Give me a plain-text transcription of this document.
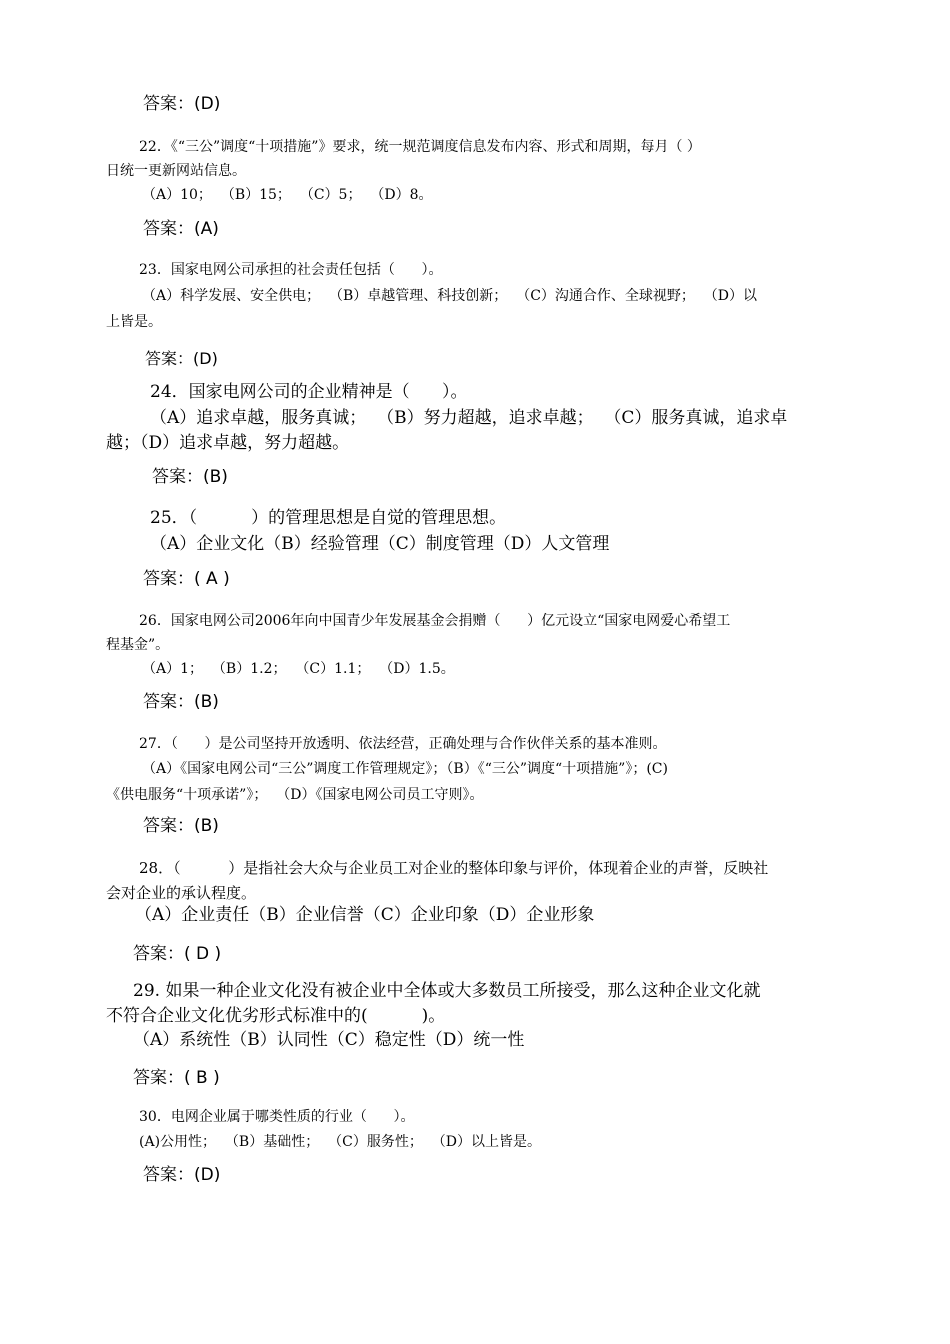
答案：(D)
22．《“三公”调度“十项措施”》要求，统一规范调度信息发布内容、形式和周期，每月（ ）
日统一更新网站信息。
（A）10；  （B）15；  （C）5；  （D）8。
答案：(A)
23．国家电网公司承担的社会责任包括（      ）。
（A）科学发展、安全供电；  （B）卓越管理、科技创新；  （C）沟通合作、全球视野；  （D）以
上皆是。
答案：(D)
24．国家电网公司的企业精神是（      ）。
（A）追求卓越，服务真诚；  （B）努力超越，追求卓越；  （C）服务真诚，追求卓
越；（D）追求卓越，努力超越。
答案：(B)
25．（          ）的管理思想是自觉的管理思想。
（A）企业文化（B）经验管理（C）制度管理（D）人文管理
答案：( A )
26．国家电网公司2006年向中国青少年发展基金会捐赠（      ）亿元设立“国家电网爱心希望工
程基金”。
（A）1；  （B）1.2；  （C）1.1；  （D）1.5。
答案：(B)
27．（      ）是公司坚持开放透明、依法经营，正确处理与合作伙伴关系的基本准则。
（A）《国家电网公司“三公”调度工作管理规定》；（B）《“三公”调度“十项措施”》；(C)
《供电服务“十项承诺”》；  （D）《国家电网公司员工守则》。
答案：(B)
28．（          ）是指社会大众与企业员工对企业的整体印象与评价，体现着企业的声誉，反映社
会对企业的承认程度。
（A）企业责任（B）企业信誉（C）企业印象（D）企业形象
答案：( D )
29. 如果一种企业文化没有被企业中全体或大多数员工所接受，那么这种企业文化就
不符合企业文化优劣形式标准中的(          )。
（A）系统性（B）认同性（C）稳定性（D）统一性
答案：( B )
30．电网企业属于哪类性质的行业（      ）。
(A)公用性；  （B）基础性；  （C）服务性；  （D）以上皆是。
答案：(D)
